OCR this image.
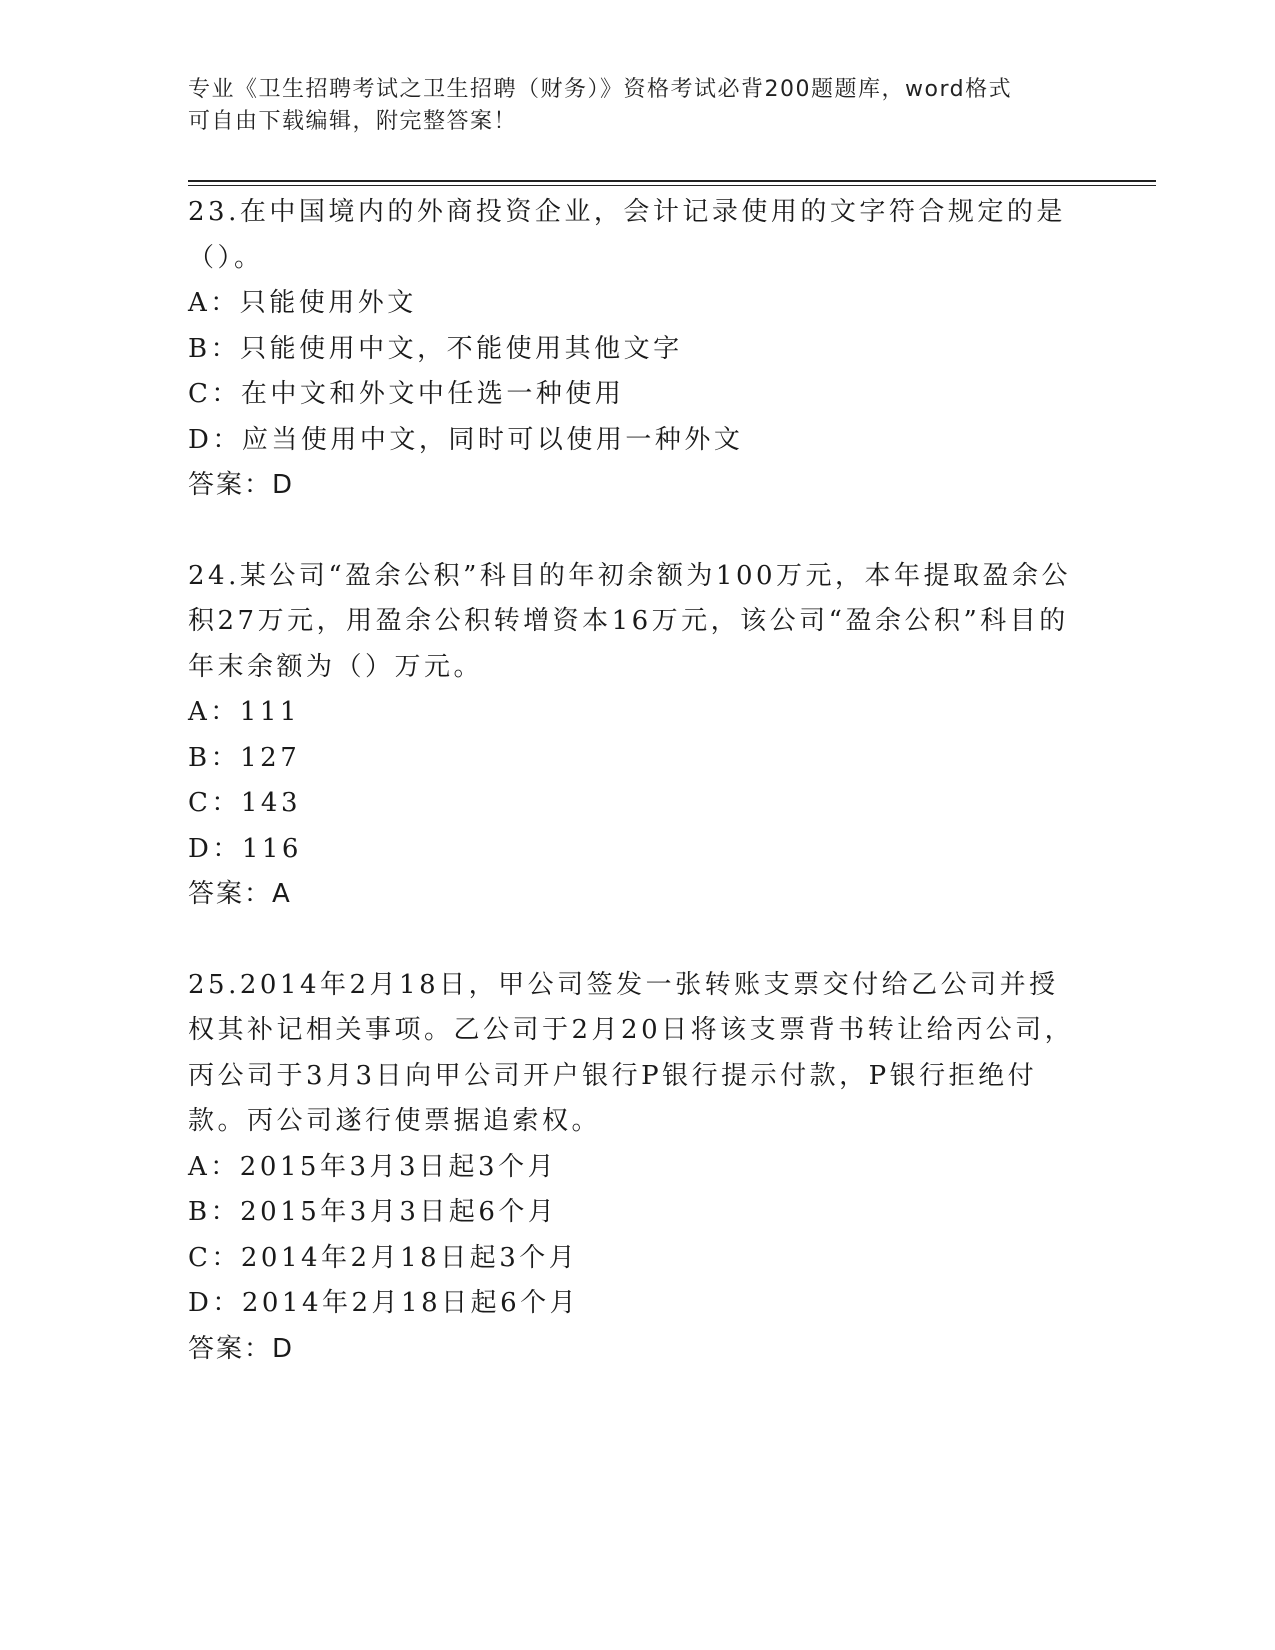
专业《卫生招聘考试之卫生招聘（财务）》资格考试必背200题题库，word格式
可自由下载编辑，附完整答案！
23.在中国境内的外商投资企业，会计记录使用的文字符合规定的是（）。
A：只能使用外文
B：只能使用中文，不能使用其他文字
C：在中文和外文中任选一种使用
D：应当使用中文，同时可以使用一种外文
答案：D
24.某公司“盈余公积”科目的年初余额为100万元，本年提取盈余公积27万元，用盈余公积转增资本16万元，该公司“盈余公积”科目的年末余额为（）万元。
A：111
B：127
C：143
D：116
答案：A
25.2014年2月18日，甲公司签发一张转账支票交付给乙公司并授权其补记相关事项。乙公司于2月20日将该支票背书转让给丙公司，丙公司于3月3日向甲公司开户银行P银行提示付款，P银行拒绝付款。丙公司遂行使票据追索权。
A：2015年3月3日起3个月
B：2015年3月3日起6个月
C：2014年2月18日起3个月
D：2014年2月18日起6个月
答案：D
